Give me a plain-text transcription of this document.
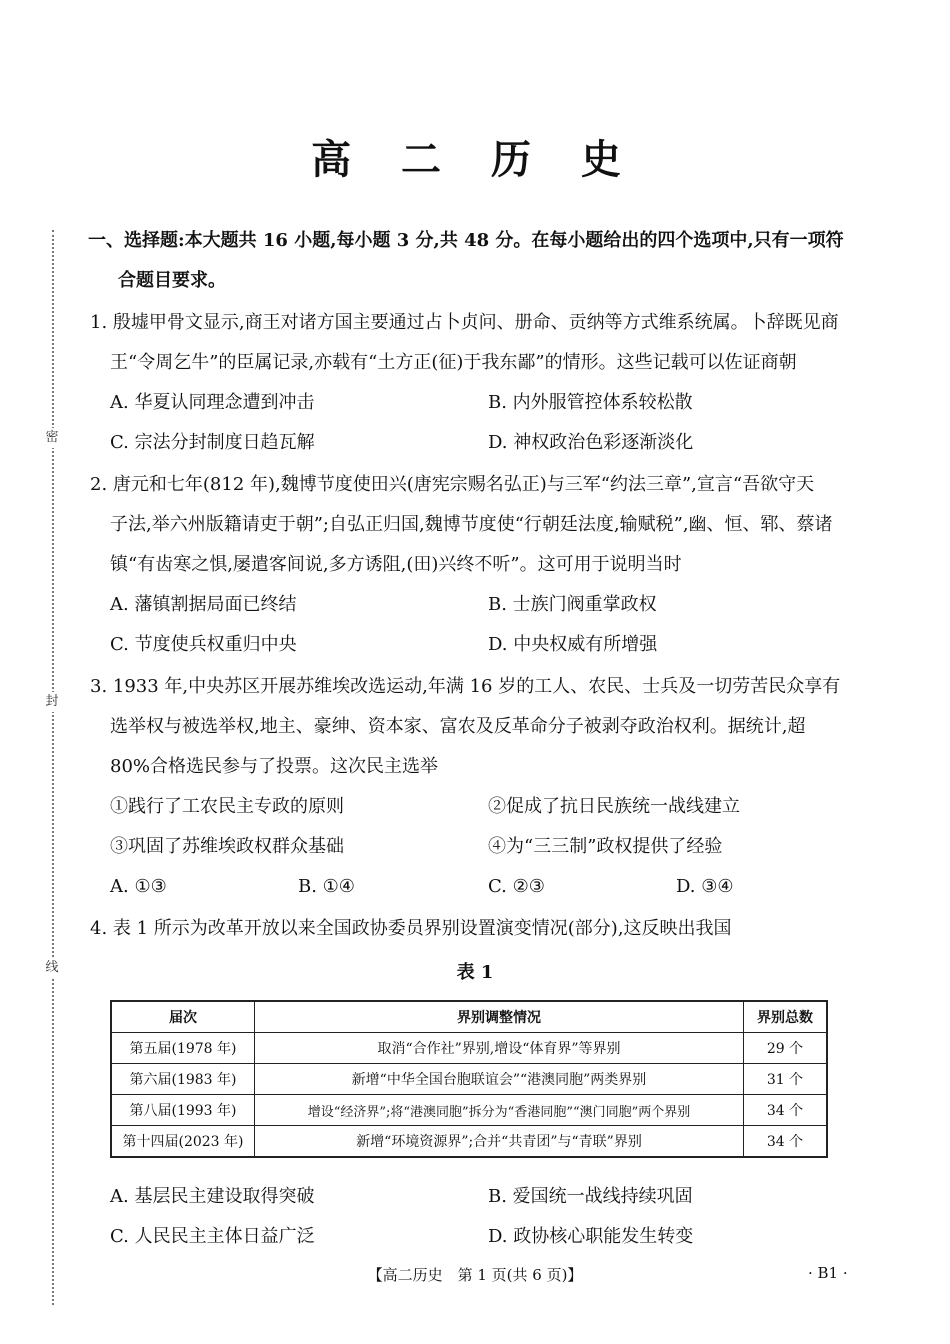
密
封
线
高 二 历 史
一、选择题:本大题共 16 小题,每小题 3 分,共 48 分。在每小题给出的四个选项中,只有一项符
合题目要求。
1. 殷墟甲骨文显示,商王对诸方国主要通过占卜贞问、册命、贡纳等方式维系统属。卜辞既见商
王“令周乞牛”的臣属记录,亦载有“土方正(征)于我东鄙”的情形。这些记载可以佐证商朝
A. 华夏认同理念遭到冲击	B. 内外服管控体系较松散
C. 宗法分封制度日趋瓦解	D. 神权政治色彩逐渐淡化
2. 唐元和七年(812 年),魏博节度使田兴(唐宪宗赐名弘正)与三军“约法三章”,宣言“吾欲守天
子法,举六州版籍请吏于朝”;自弘正归国,魏博节度使“行朝廷法度,输赋税”,幽、恒、郓、蔡诸
镇“有齿寒之惧,屡遣客间说,多方诱阻,(田)兴终不听”。这可用于说明当时
A. 藩镇割据局面已终结	B. 士族门阀重掌政权
C. 节度使兵权重归中央	D. 中央权威有所增强
3. 1933 年,中央苏区开展苏维埃改选运动,年满 16 岁的工人、农民、士兵及一切劳苦民众享有
选举权与被选举权,地主、豪绅、资本家、富农及反革命分子被剥夺政治权利。据统计,超
80%合格选民参与了投票。这次民主选举
①践行了工农民主专政的原则	②促成了抗日民族统一战线建立
③巩固了苏维埃政权群众基础	④为“三三制”政权提供了经验
A. ①③	B. ①④	C. ②③	D. ③④
4. 表 1 所示为改革开放以来全国政协委员界别设置演变情况(部分),这反映出我国
表 1
届次	界别调整情况	界别总数
第五届(1978 年)	取消“合作社”界别,增设“体育界”等界别	29 个
第六届(1983 年)	新增“中华全国台胞联谊会”“港澳同胞”两类界别	31 个
第八届(1993 年)	增设“经济界”;将“港澳同胞”拆分为“香港同胞”“澳门同胞”两个界别	34 个
第十四届(2023 年)	新增“环境资源界”;合并“共青团”与“青联”界别	34 个
A. 基层民主建设取得突破	B. 爱国统一战线持续巩固
C. 人民民主主体日益广泛	D. 政协核心职能发生转变
【高二历史　第 1 页(共 6 页)】	· B1 ·
